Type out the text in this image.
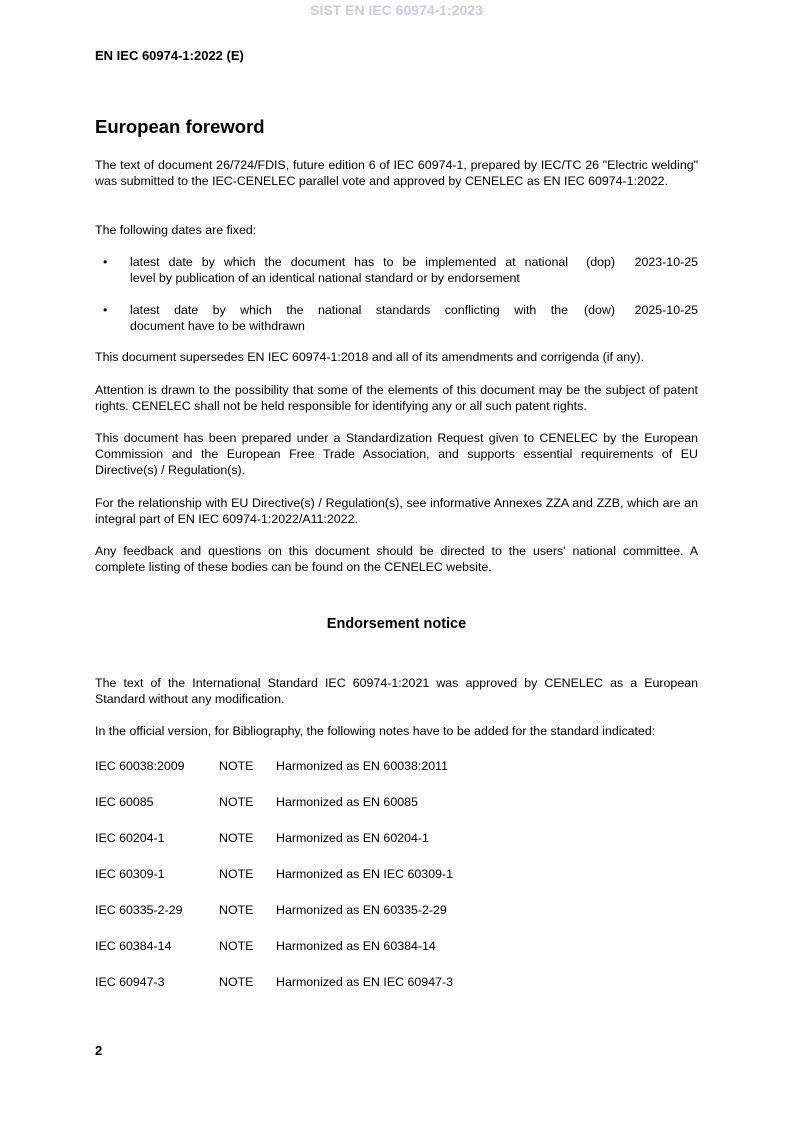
SIST EN IEC 60974-1:2023
EN IEC 60974-1:2022 (E)
European foreword
The text of document 26/724/FDIS, future edition 6 of IEC 60974-1, prepared by IEC/TC 26 "Electric welding" was submitted to the IEC-CENELEC parallel vote and approved by CENELEC as EN IEC 60974-1:2022.
The following dates are fixed:
•	latest date by which the document has to be implemented at national
level by publication of an identical national standard or by endorsement
(dop)	2023-10-25
•	latest date by which the national standards conflicting with the
document have to be withdrawn
(dow)	2025-10-25
This document supersedes EN IEC 60974-1:2018 and all of its amendments and corrigenda (if any).
Attention is drawn to the possibility that some of the elements of this document may be the subject of patent rights. CENELEC shall not be held responsible for identifying any or all such patent rights.
This document has been prepared under a Standardization Request given to CENELEC by the European Commission and the European Free Trade Association, and supports essential requirements of EU Directive(s) / Regulation(s).
For the relationship with EU Directive(s) / Regulation(s), see informative Annexes ZZA and ZZB, which are an integral part of EN IEC 60974-1:2022/A11:2022.
Any feedback and questions on this document should be directed to the users' national committee. A complete listing of these bodies can be found on the CENELEC website.
Endorsement notice
The text of the International Standard IEC 60974-1:2021 was approved by CENELEC as a European Standard without any modification.
In the official version, for Bibliography, the following notes have to be added for the standard indicated:
IEC 60038:2009	NOTE	Harmonized as EN 60038:2011
IEC 60085	NOTE	Harmonized as EN 60085
IEC 60204-1	NOTE	Harmonized as EN 60204-1
IEC 60309-1	NOTE	Harmonized as EN IEC 60309-1
IEC 60335-2-29	NOTE	Harmonized as EN 60335-2-29
IEC 60384-14	NOTE	Harmonized as EN 60384-14
IEC 60947-3	NOTE	Harmonized as EN IEC 60947-3
2
